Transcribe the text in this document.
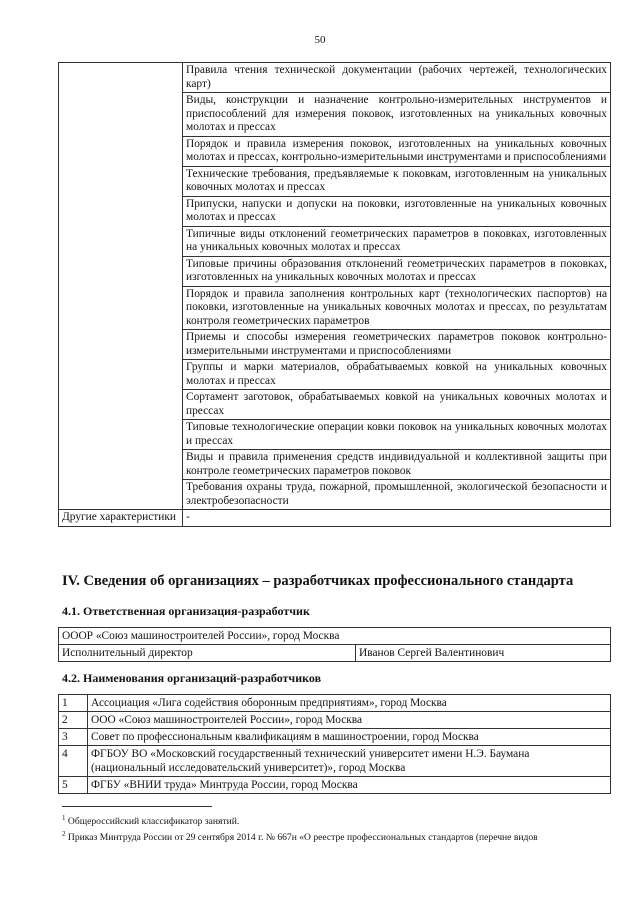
50
	Правила чтения технической документации (рабочих чертежей, технологических карт)
	Виды, конструкции и назначение контрольно-измерительных инструментов и приспособлений для измерения поковок, изготовленных на уникальных ковочных молотах и прессах
	Порядок и правила измерения поковок, изготовленных на уникальных ковочных молотах и прессах, контрольно-измерительными инструментами и приспособлениями
	Технические требования, предъявляемые к поковкам, изготовленным на уникальных ковочных молотах и прессах
	Припуски, напуски и допуски на поковки, изготовленные на уникальных ковочных молотах и прессах
	Типичные виды отклонений геометрических параметров в поковках, изготовленных на уникальных ковочных молотах и прессах
	Типовые причины образования отклонений геометрических параметров в поковках, изготовленных на уникальных ковочных молотах и прессах
	Порядок и правила заполнения контрольных карт (технологических паспортов) на поковки, изготовленные на уникальных ковочных молотах и прессах, по результатам контроля геометрических параметров
	Приемы и способы измерения геометрических параметров поковок контрольно-измерительными инструментами и приспособлениями
	Группы и марки материалов, обрабатываемых ковкой на уникальных ковочных молотах и прессах
	Сортамент заготовок, обрабатываемых ковкой на уникальных ковочных молотах и прессах
	Типовые технологические операции ковки поковок на уникальных ковочных молотах и прессах
	Виды и правила применения средств индивидуальной и коллективной защиты при контроле геометрических параметров поковок
	Требования охраны труда, пожарной, промышленной, экологической безопасности и электробезопасности
Другие характеристики	-
IV. Сведения об организациях – разработчиках профессионального стандарта
4.1. Ответственная организация-разработчик
ОООР «Союз машиностроителей России», город Москва
Исполнительный директор	Иванов Сергей Валентинович
4.2. Наименования организаций-разработчиков
1	Ассоциация «Лига содействия оборонным предприятиям», город Москва
2	ООО «Союз машиностроителей России», город Москва
3	Совет по профессиональным квалификациям в машиностроении, город Москва
4	ФГБОУ ВО «Московский государственный технический университет имени Н.Э. Баумана (национальный исследовательский университет)», город Москва
5	ФГБУ «ВНИИ труда» Минтруда России, город Москва
$^1$ Общероссийский классификатор занятий.
$^2$ Приказ Минтруда России от 29 сентября 2014 г. № 667н «О реестре профессиональных стандартов (перечне видов
